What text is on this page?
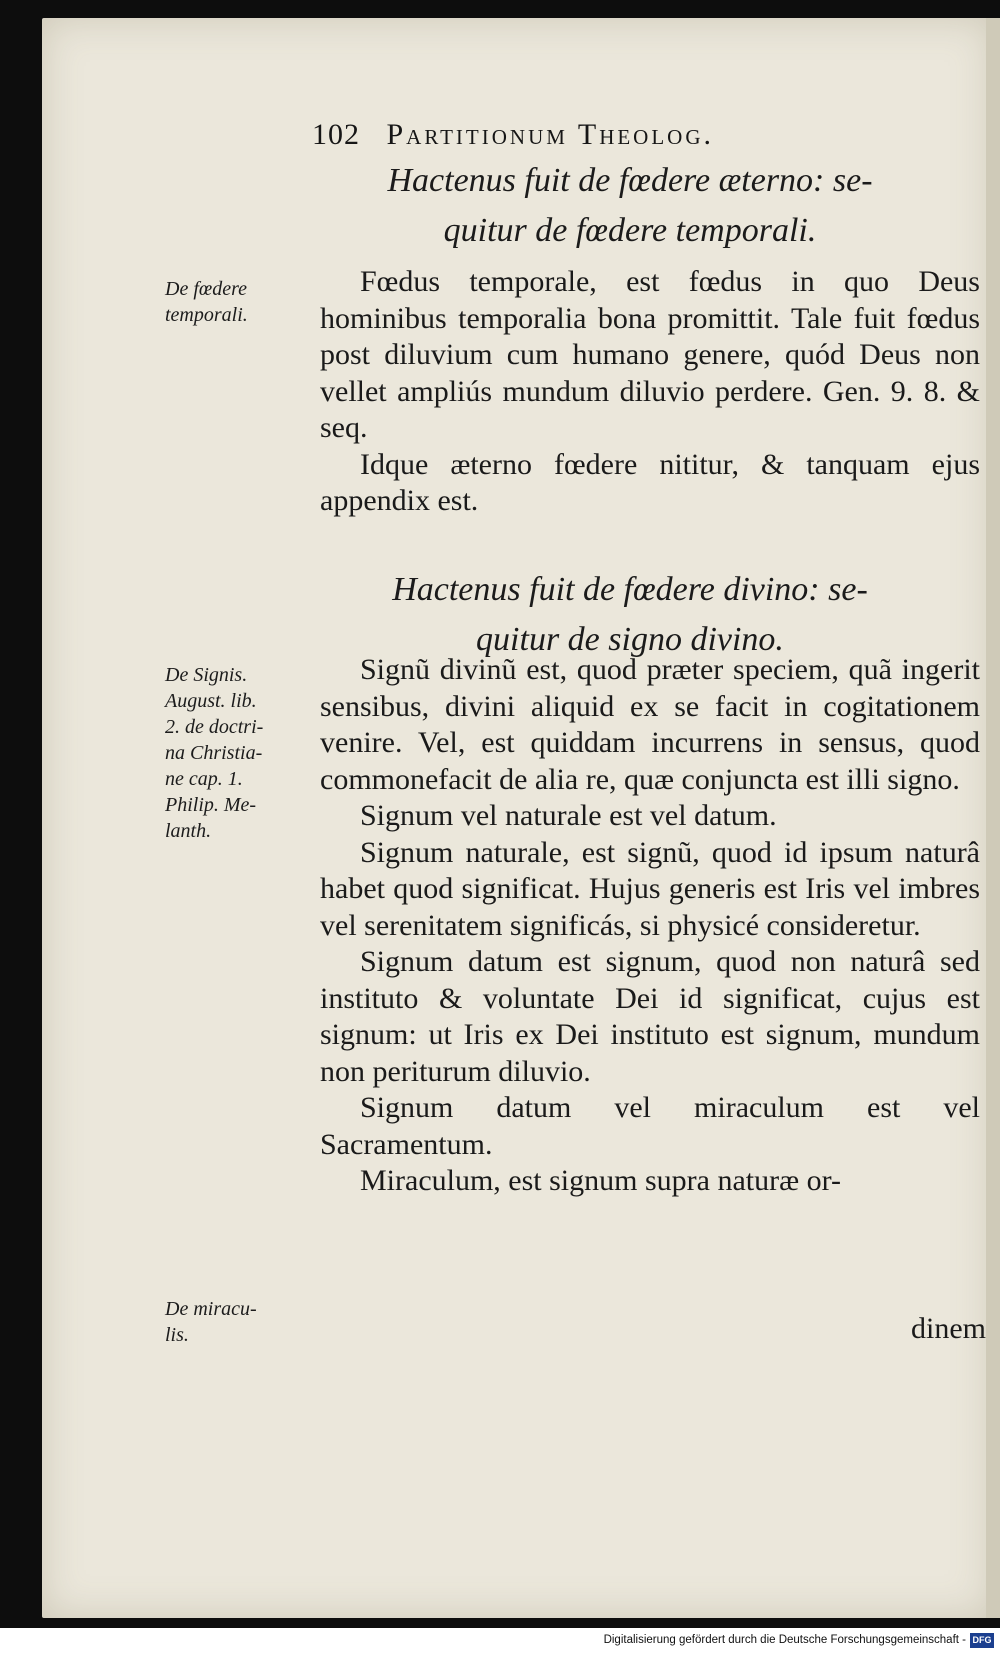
102 Partitionum Theolog.
Hactenus fuit de fœdere æterno: se-
quitur de fœdere temporali.
De fœdere
temporali.

Fœdus temporale, est fœdus in quo Deus hominibus temporalia bona promittit. Tale fuit fœdus post diluvium cum humano genere, quód Deus non vellet ampliús mundum diluvio perdere. Gen. 9. 8. & seq.

Idque æterno fœdere nititur, & tanquam ejus appendix est.

Hactenus fuit de fœdere divino: se-
quitur de signo divino.
De Signis.
August. lib.
2. de doctri-
na Christia-
ne cap. 1.
Philip. Me-
lanth.

Signũ divinũ est, quod præter speciem, quã ingerit sensibus, divini aliquid ex se facit in cogitationem venire. Vel, est quiddam incurrens in sensus, quod commonefacit de alia re, quæ conjuncta est illi signo.

Signum vel naturale est vel datum.

Signum naturale, est signũ, quod id ipsum naturâ habet quod significat. Hujus generis est Iris vel imbres vel serenitatem significás, si physicé consideretur.

Signum datum est signum, quod non naturâ sed instituto & voluntate Dei id significat, cujus est signum: ut Iris ex Dei instituto est signum, mundum non periturum diluvio.

Signum datum vel miraculum est vel Sacramentum.

Miraculum, est signum supra naturæ or-

De miracu-
lis.	dinem
Digitalisierung gefördert durch die Deutsche Forschungsgemeinschaft - DFG
